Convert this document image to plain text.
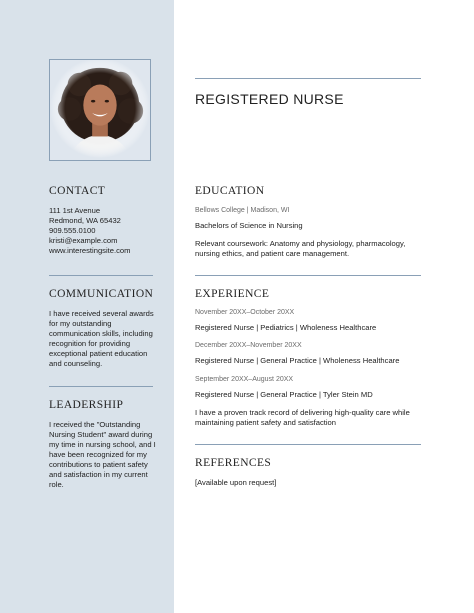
CONTACT
111 1st Avenue
Redmond, WA 65432
909.555.0100
kristi@example.com
www.interestingsite.com
COMMUNICATION
I have received several awards for my outstanding communication skills, including recognition for providing exceptional patient education and counseling.
LEADERSHIP
I received the "Outstanding Nursing Student" award during my time in nursing school, and I have been recognized for my contributions to patient safety and satisfaction in my current role.
REGISTERED NURSE
EDUCATION
Bellows College | Madison, WI
Bachelors of Science in Nursing
Relevant coursework: Anatomy and physiology, pharmacology, nursing ethics, and patient care management.
EXPERIENCE
November 20XX–October 20XX
Registered Nurse | Pediatrics | Wholeness Healthcare
December 20XX–November 20XX
Registered Nurse | General Practice | Wholeness Healthcare
September 20XX–August 20XX
Registered Nurse | General Practice | Tyler Stein MD
I have a proven track record of delivering high-quality care while maintaining patient safety and satisfaction
REFERENCES
[Available upon request]
